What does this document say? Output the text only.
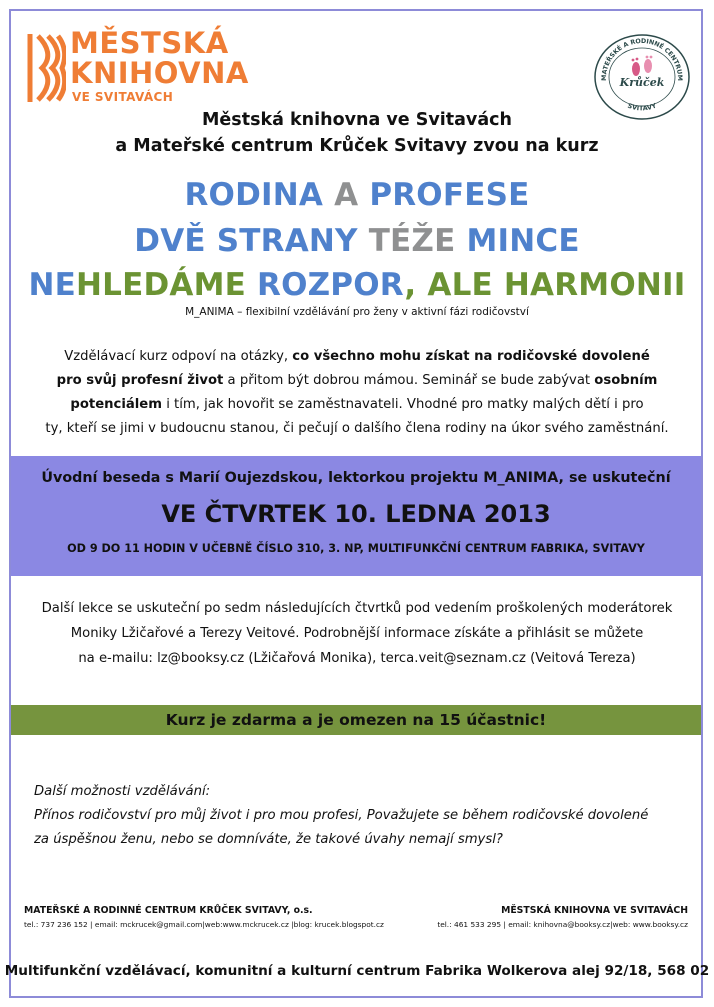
MĚSTSKÁ
KNIHOVNA
VE SVITAVÁCH
MATEŘSKÉ A RODINNÉ CENTRUM
SVITAVY
Krůček
Městská knihovna ve Svitavách
a Mateřské centrum Krůček Svitavy zvou na kurz
RODINA A PROFESE
DVĚ STRANY TÉŽE MINCE
NEHLEDÁME ROZPOR, ALE HARMONII
M_ANIMA – flexibilní vzdělávání pro ženy v aktivní fázi rodičovství
Vzdělávací kurz odpoví na otázky, co všechno mohu získat na rodičovské dovolené
pro svůj profesní život a přitom být dobrou mámou. Seminář se bude zabývat osobním
potenciálem i tím, jak hovořit se zaměstnavateli. Vhodné pro matky malých dětí i pro
ty, kteří se jimi v budoucnu stanou, či pečují o dalšího člena rodiny na úkor svého zaměstnání.
Úvodní beseda s Marií Oujezdskou, lektorkou projektu M_ANIMA, se uskuteční
VE ČTVRTEK 10. LEDNA 2013
OD 9 DO 11 HODIN V UČEBNĚ ČÍSLO 310, 3. NP, MULTIFUNKČNÍ CENTRUM FABRIKA, SVITAVY
Další lekce se uskuteční po sedm následujících čtvrtků pod vedením proškolených moderátorek
Moniky Lžičařové a Terezy Veitové. Podrobnější informace získáte a přihlásit se můžete
na e-mailu: lz@booksy.cz (Lžičařová Monika), terca.veit@seznam.cz (Veitová Tereza)
Kurz je zdarma a je omezen na 15 účastnic!
Další možnosti vzdělávání:
Přínos rodičovství pro můj život i pro mou profesi, Považujete se během rodičovské dovolené
za úspěšnou ženu, nebo se domníváte, že takové úvahy nemají smysl?
MATEŘSKÉ A RODINNÉ CENTRUM KRŮČEK SVITAVY, o.s.
tel.: 737 236 152 | email: mckrucek@gmail.com|web:www.mckrucek.cz |blog: krucek.blogspot.cz
MĚSTSKÁ KNIHOVNA VE SVITAVÁCH
tel.: 461 533 295 | email: knihovna@booksy.cz|web: www.booksy.cz
Multifunkční vzdělávací, komunitní a kulturní centrum Fabrika Wolkerova alej 92/18, 568 02
